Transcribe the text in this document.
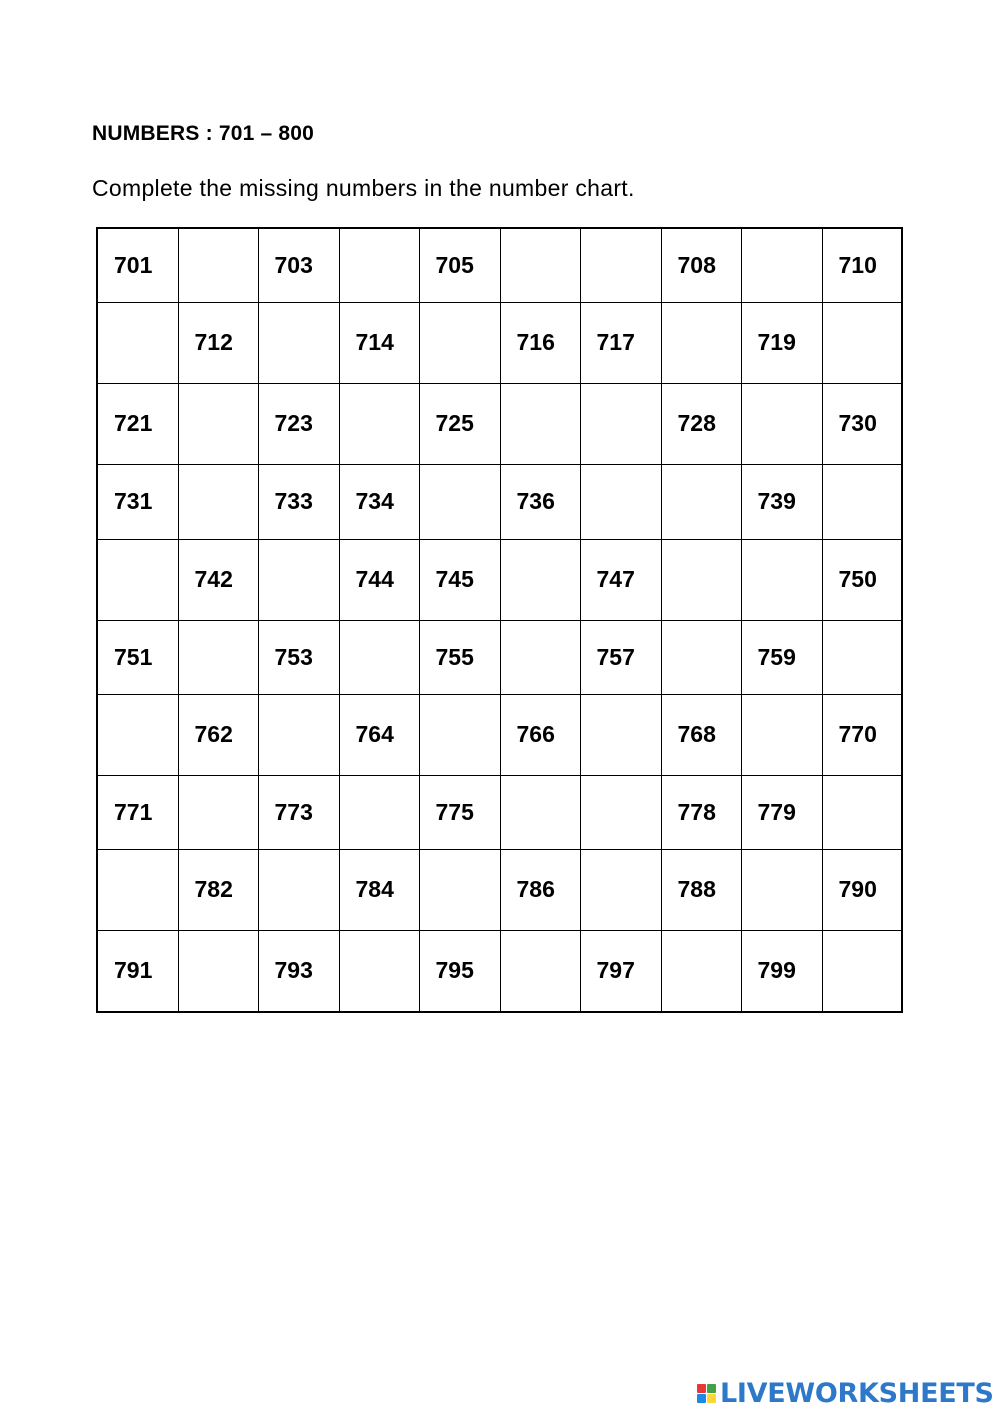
NUMBERS : 701 – 800
Complete the missing numbers in the number chart.
701		703		705			708		710
	712		714		716	717		719	
721		723		725			728		730
731		733	734		736			739	
	742		744	745		747			750
751		753		755		757		759	
	762		764		766		768		770
771		773		775			778	779	
	782		784		786		788		790
791		793		795		797		799	
LIVEWORKSHEETS
